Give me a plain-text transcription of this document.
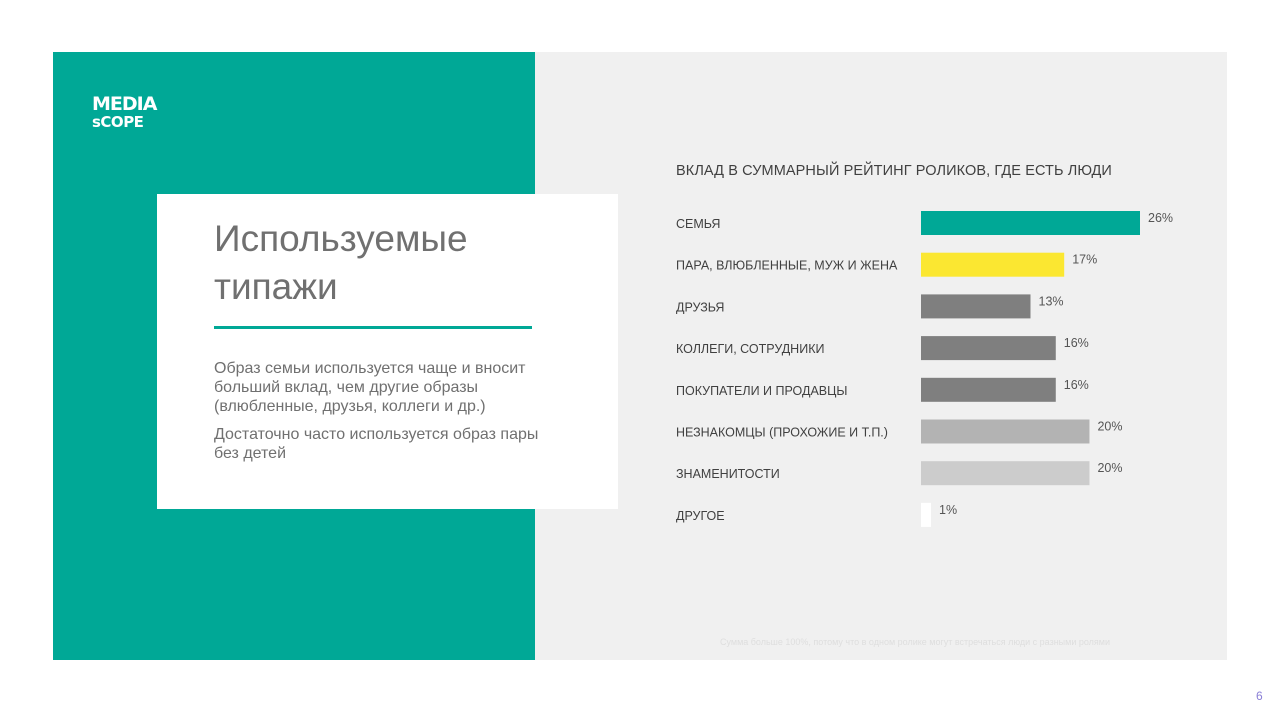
MEDIA
sCOPE
Используемые типажи

Образ семьи используется чаще и вносит больший вклад, чем другие образы (влюбленные, друзья, коллеги и др.)

Достаточно часто используется образ пары без детей

ВКЛАД В СУММАРНЫЙ РЕЙТИНГ РОЛИКОВ, ГДЕ ЕСТЬ ЛЮДИ
СЕМЬЯ	26%
ПАРА, ВЛЮБЛЕННЫЕ, МУЖ И ЖЕНА	17%
ДРУЗЬЯ	13%
КОЛЛЕГИ, СОТРУДНИКИ	16%
ПОКУПАТЕЛИ И ПРОДАВЦЫ	16%
НЕЗНАКОМЦЫ (ПРОХОЖИЕ И Т.П.)	20%
ЗНАМЕНИТОСТИ	20%
ДРУГОЕ	1%
Сумма больше 100%, потому что в одном ролике могут встречаться люди с разными ролями
6
